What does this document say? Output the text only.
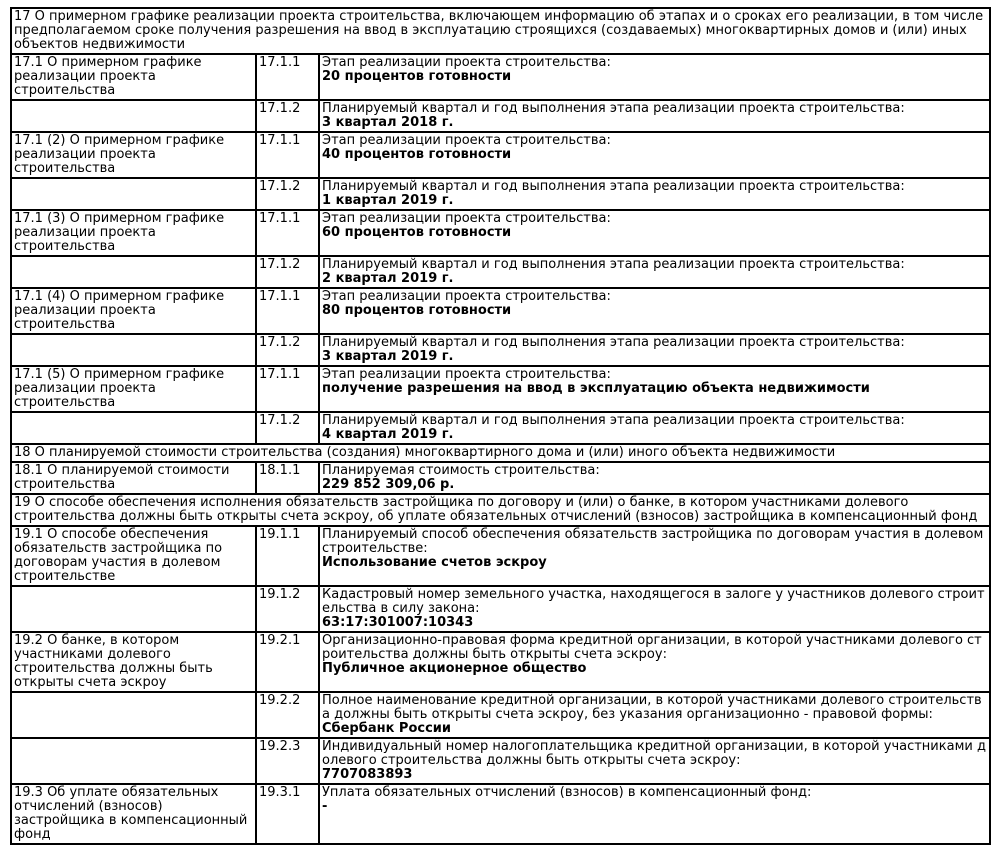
17 О примерном графике реализации проекта строительства, включающем информацию об этапах и о сроках его реализации, в том числе предполагаемом сроке получения разрешения на ввод в эксплуатацию строящихся (создаваемых) многоквартирных домов и (или) иных объектов недвижимости		
17.1 О примерном графике реализации проекта строительства	17.1.1	Этап реализации проекта строительства:
20 процентов готовности

	17.1.2	Планируемый квартал и год выполнения этапа реализации проекта строительства:
3 квартал 2018 г.

17.1 (2) О примерном графике реализации проекта строительства	17.1.1	Этап реализации проекта строительства:
40 процентов готовности

	17.1.2	Планируемый квартал и год выполнения этапа реализации проекта строительства:
1 квартал 2019 г.

17.1 (3) О примерном графике реализации проекта строительства	17.1.1	Этап реализации проекта строительства:
60 процентов готовности

	17.1.2	Планируемый квартал и год выполнения этапа реализации проекта строительства:
2 квартал 2019 г.

17.1 (4) О примерном графике реализации проекта строительства	17.1.1	Этап реализации проекта строительства:
80 процентов готовности

	17.1.2	Планируемый квартал и год выполнения этапа реализации проекта строительства:
3 квартал 2019 г.

17.1 (5) О примерном графике реализации проекта строительства	17.1.1	Этап реализации проекта строительства:
получение разрешения на ввод в эксплуатацию объекта недвижимости

	17.1.2	Планируемый квартал и год выполнения этапа реализации проекта строительства:
4 квартал 2019 г.

18 О планируемой стоимости строительства (создания) многоквартирного дома и (или) иного объекта недвижимости		
18.1 О планируемой стоимости строительства	18.1.1	Планируемая стоимость строительства:
229 852 309,06 р.

19 О способе обеспечения исполнения обязательств застройщика по договору и (или) о банке, в котором участниками долевого строительства должны быть открыты счета эскроу, об уплате обязательных отчислений (взносов) застройщика в компенсационный фонд		
19.1 О способе обеспечения обязательств застройщика по договорам участия в долевом строительстве	19.1.1	Планируемый способ обеспечения обязательств застройщика по договорам участия в долевом строительстве:
Использование счетов эскроу

	19.1.2	Кадастровый номер земельного участка, находящегося в залоге у участников долевого строительства в силу закона:
63:17:301007:10343

19.2 О банке, в котором участниками долевого строительства должны быть открыты счета эскроу	19.2.1	Организационно-правовая форма кредитной организации, в которой участниками долевого строительства должны быть открыты счета эскроу:
Публичное акционерное общество

	19.2.2	Полное наименование кредитной организации, в которой участниками долевого строительства должны быть открыты счета эскроу, без указания организационно - правовой формы:
Сбербанк России

	19.2.3	Индивидуальный номер налогоплательщика кредитной организации, в которой участниками долевого строительства должны быть открыты счета эскроу:
7707083893

19.3 Об уплате обязательных отчислений (взносов) застройщика в компенсационный фонд	19.3.1	Уплата обязательных отчислений (взносов) в компенсационный фонд:
-
